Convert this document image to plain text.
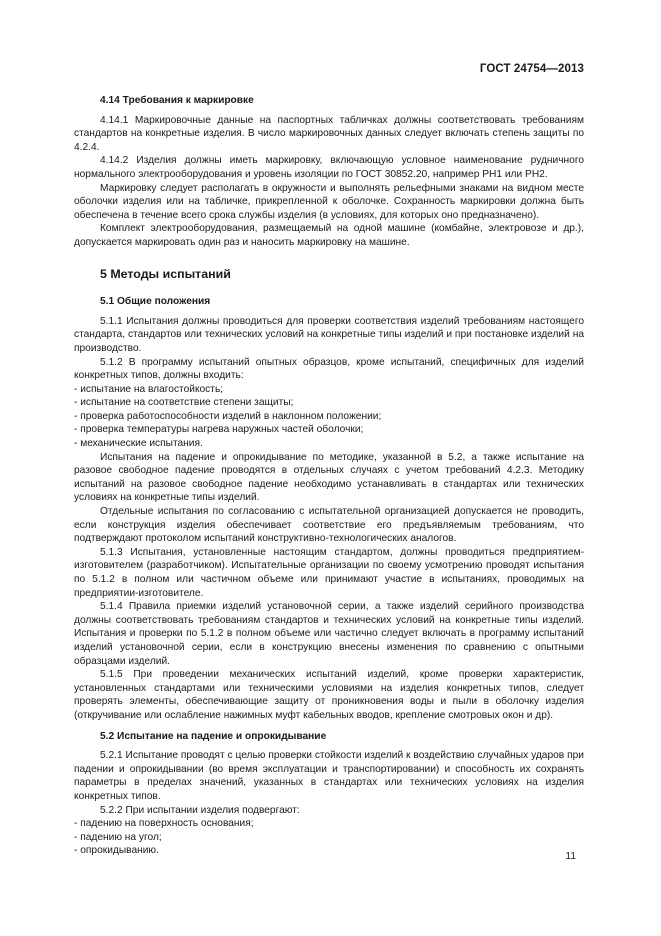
ГОСТ 24754—2013

4.14 Требования к маркировке

4.14.1 Маркировочные данные на паспортных табличках должны соответствовать требованиям стандартов на конкретные изделия. В число маркировочных данных следует включать степень защиты по 4.2.4.

4.14.2 Изделия должны иметь маркировку, включающую условное наименование рудничного нормального электрооборудования и уровень изоляции по ГОСТ 30852.20, например РН1 или РН2.

Маркировку следует располагать в окружности и выполнять рельефными знаками на видном месте оболочки изделия или на табличке, прикрепленной к оболочке. Сохранность маркировки должна быть обеспечена в течение всего срока службы изделия (в условиях, для которых оно предназначено).

Комплект электрооборудования, размещаемый на одной машине (комбайне, электровозе и др.), допускается маркировать один раз и наносить маркировку на машине.

5 Методы испытаний

5.1 Общие положения

5.1.1 Испытания должны проводиться для проверки соответствия изделий требованиям настоящего стандарта, стандартов или технических условий на конкретные типы изделий и при постановке изделий на производство.

5.1.2 В программу испытаний опытных образцов, кроме испытаний, специфичных для изделий конкретных типов, должны входить:

- испытание на влагостойкость;

- испытание на соответствие степени защиты;

- проверка работоспособности изделий в наклонном положении;

- проверка температуры нагрева наружных частей оболочки;

- механические испытания.

Испытания на падение и опрокидывание по методике, указанной в 5.2, а также испытание на разовое свободное падение проводятся в отдельных случаях с учетом требований 4.2.3. Методику испытаний на разовое свободное падение необходимо устанавливать в стандартах или технических условиях на конкретные типы изделий.

Отдельные испытания по согласованию с испытательной организацией допускается не проводить, если конструкция изделия обеспечивает соответствие его предъявляемым требованиям, что подтверждают протоколом испытаний конструктивно-технологических аналогов.

5.1.3 Испытания, установленные настоящим стандартом, должны проводиться предприятием-изготовителем (разработчиком). Испытательные организации по своему усмотрению проводят испытания по 5.1.2 в полном или частичном объеме или принимают участие в испытаниях, проводимых на предприятии-изготовителе.

5.1.4 Правила приемки изделий установочной серии, а также изделий серийного производства должны соответствовать требованиям стандартов и технических условий на конкретные типы изделий. Испытания и проверки по 5.1.2 в полном объеме или частично следует включать в программу испытаний изделий установочной серии, если в конструкцию внесены изменения по сравнению с опытными образцами изделий.

5.1.5 При проведении механических испытаний изделий, кроме проверки характеристик, установленных стандартами или техническими условиями на изделия конкретных типов, следует проверять элементы, обеспечивающие защиту от проникновения воды и пыли в оболочку изделия (откручивание или ослабление нажимных муфт кабельных вводов, крепление смотровых окон и др).

5.2 Испытание на падение и опрокидывание

5.2.1 Испытание проводят с целью проверки стойкости изделий к воздействию случайных ударов при падении и опрокидывании (во время эксплуатации и транспортировании) и способность их сохранять параметры в пределах значений, указанных в стандартах или технических условиях на изделия конкретных типов.

5.2.2 При испытании изделия подвергают:

- падению на поверхность основания;

- падению на угол;

- опрокидыванию.

11
